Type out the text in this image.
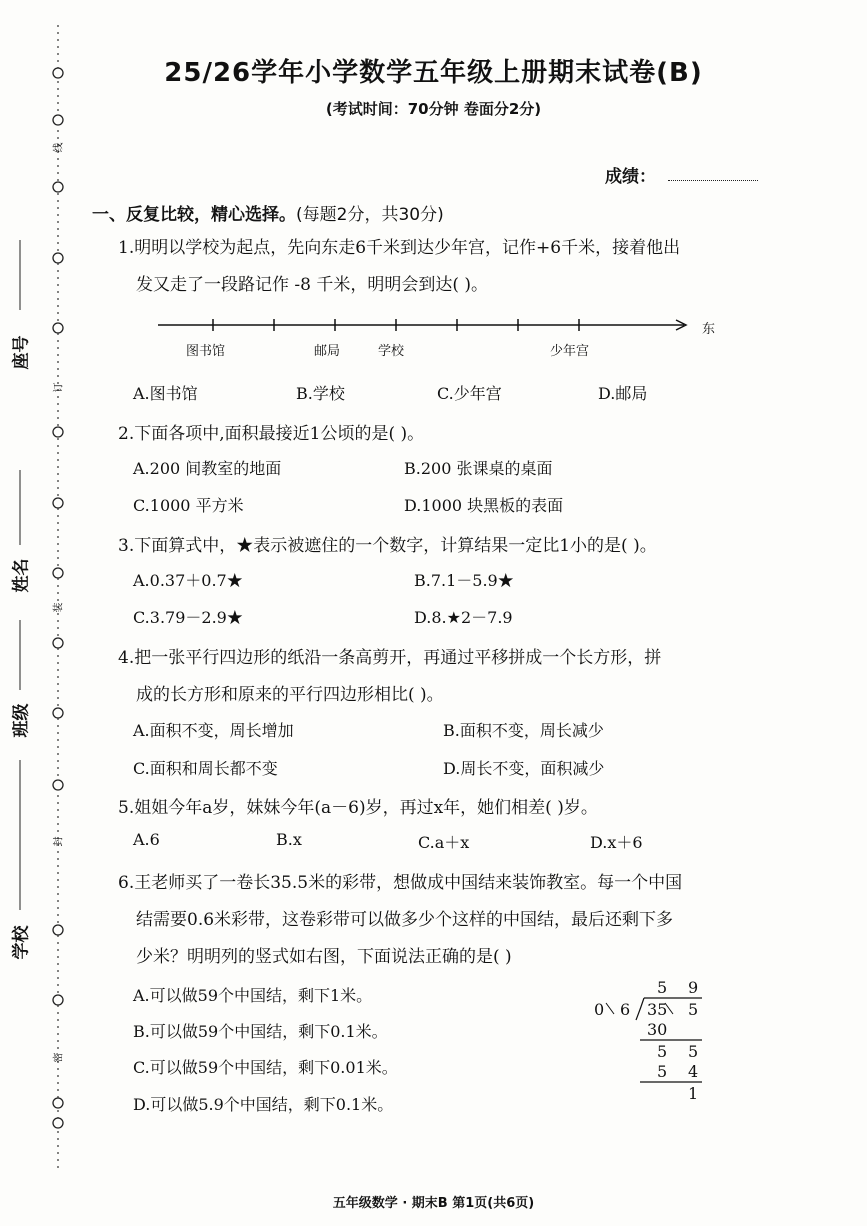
学校
班级
姓名
座号
线
订
装
封
密
25/26学年小学数学五年级上册期末试卷(B)
(考试时间：70分钟 卷面分2分)
成绩：
一、反复比较，精心选择。(每题2分，共30分)
1.明明以学校为起点，先向东走6千米到达少年宫，记作+6千米，接着他出
发又走了一段路记作 -8 千米，明明会到达( )。
图书馆	邮局	学校	少年宫
东
A.图书馆	B.学校	C.少年宫	D.邮局
2.下面各项中,面积最接近1公顷的是( )。
A.200 间教室的地面	B.200 张课桌的桌面
C.1000 平方米	D.1000 块黑板的表面
3.下面算式中，★表示被遮住的一个数字，计算结果一定比1小的是( )。
A.0.37＋0.7★	B.7.1－5.9★
C.3.79－2.9★	D.8.★2－7.9
4.把一张平行四边形的纸沿一条高剪开，再通过平移拼成一个长方形，拼
成的长方形和原来的平行四边形相比( )。
A.面积不变，周长增加	B.面积不变，周长减少
C.面积和周长都不变	D.周长不变，面积减少
5.姐姐今年a岁，妹妹今年(a－6)岁，再过x年，她们相差( )岁。
A.6	B.x	C.a＋x	D.x＋6
6.王老师买了一卷长35.5米的彩带，想做成中国结来装饰教室。每一个中国
结需要0.6米彩带，这卷彩带可以做多少个这样的中国结，最后还剩下多
少米？明明列的竖式如右图，下面说法正确的是( )
A.可以做59个中国结，剩下1米。
B.可以做59个中国结，剩下0.1米。
C.可以做59个中国结，剩下0.01米。
D.可以做5.9个中国结，剩下0.1米。
5 9
0 6 35 5
30
5 5
5 4
1
五年级数学 · 期末B 第1页(共6页)
